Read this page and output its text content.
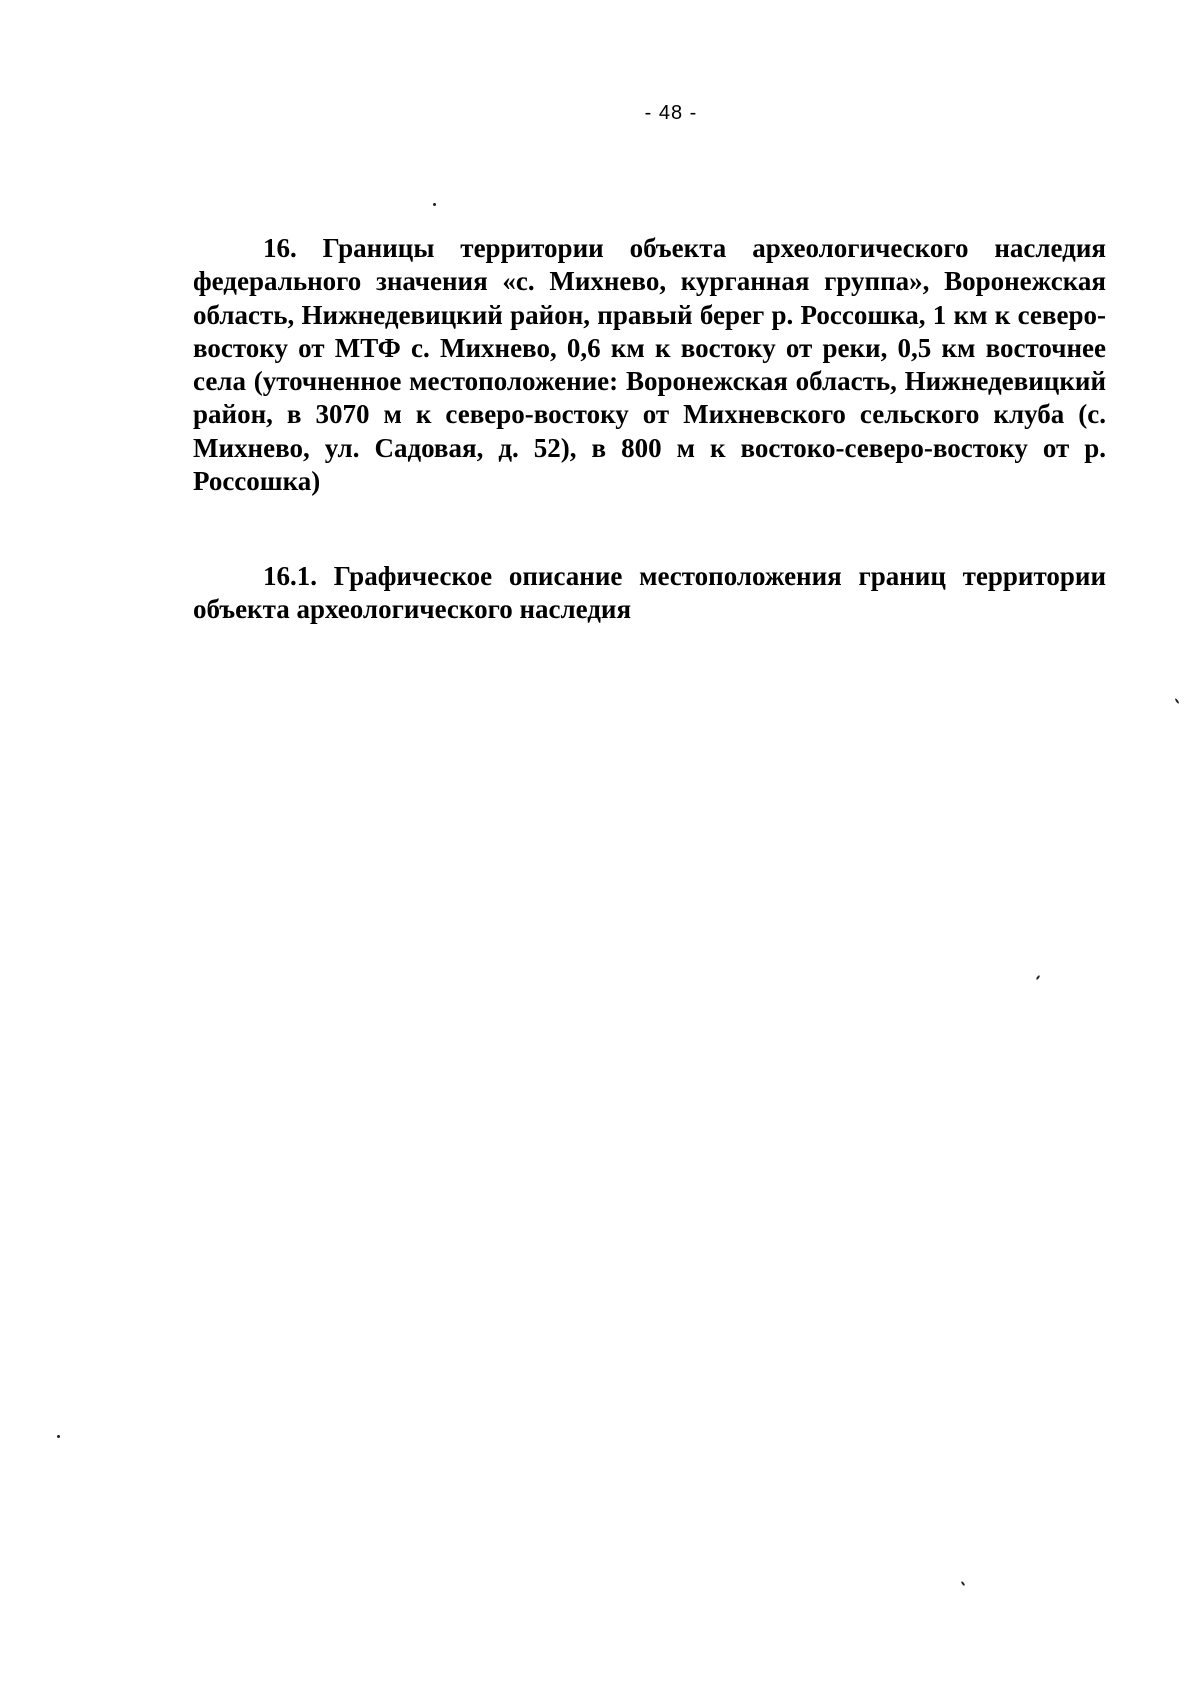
- 48 -

16. Границы территории объекта археологического наследия федерального значения «с. Михнево, курганная группа», Воронежская область, Нижнедевицкий район, правый берег р. Россошка, 1 км к северо-востоку от МТФ с. Михнево, 0,6 км к востоку от реки, 0,5 км восточнее села (уточненное местоположение: Воронежская область, Нижнедевицкий район, в 3070 м к северо-востоку от Михневского сельского клуба (с. Михнево, ул. Садовая, д. 52), в 800 м к востоко-северо-востоку от р. Россошка)

16.1. Графическое описание местоположения границ территории объекта археологического наследия
